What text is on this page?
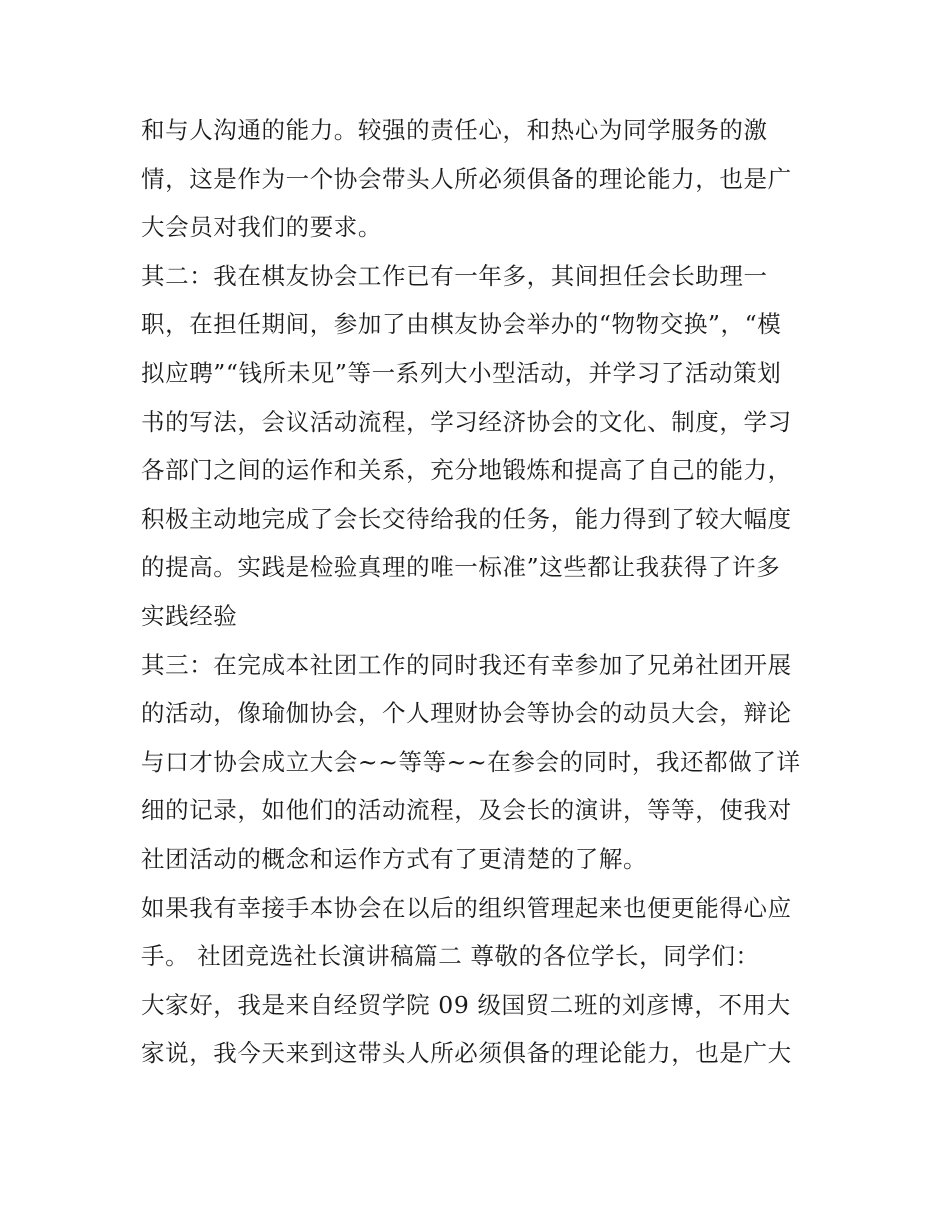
和与人沟通的能力。较强的责任心，和热心为同学服务的激
情，这是作为一个协会带头人所必须俱备的理论能力，也是广
大会员对我们的要求。
其二：我在棋友协会工作已有一年多，其间担任会长助理一
职，在担任期间，参加了由棋友协会举办的“物物交换”，“模
拟应聘”“钱所未见”等一系列大小型活动，并学习了活动策划
书的写法，会议活动流程，学习经济协会的文化、制度，学习
各部门之间的运作和关系，充分地锻炼和提高了自己的能力，
积极主动地完成了会长交待给我的任务，能力得到了较大幅度
的提高。实践是检验真理的唯一标准”这些都让我获得了许多
实践经验
其三：在完成本社团工作的同时我还有幸参加了兄弟社团开展
的活动，像瑜伽协会，个人理财协会等协会的动员大会，辩论
与口才协会成立大会~~等等~~在参会的同时，我还都做了详
细的记录，如他们的活动流程，及会长的演讲，等等，使我对
社团活动的概念和运作方式有了更清楚的了解。
如果我有幸接手本协会在以后的组织管理起来也便更能得心应
手。 社团竞选社长演讲稿篇二 尊敬的各位学长，同学们：
大家好，我是来自经贸学院 09 级国贸二班的刘彦博，不用大
家说，我今天来到这带头人所必须俱备的理论能力，也是广大
